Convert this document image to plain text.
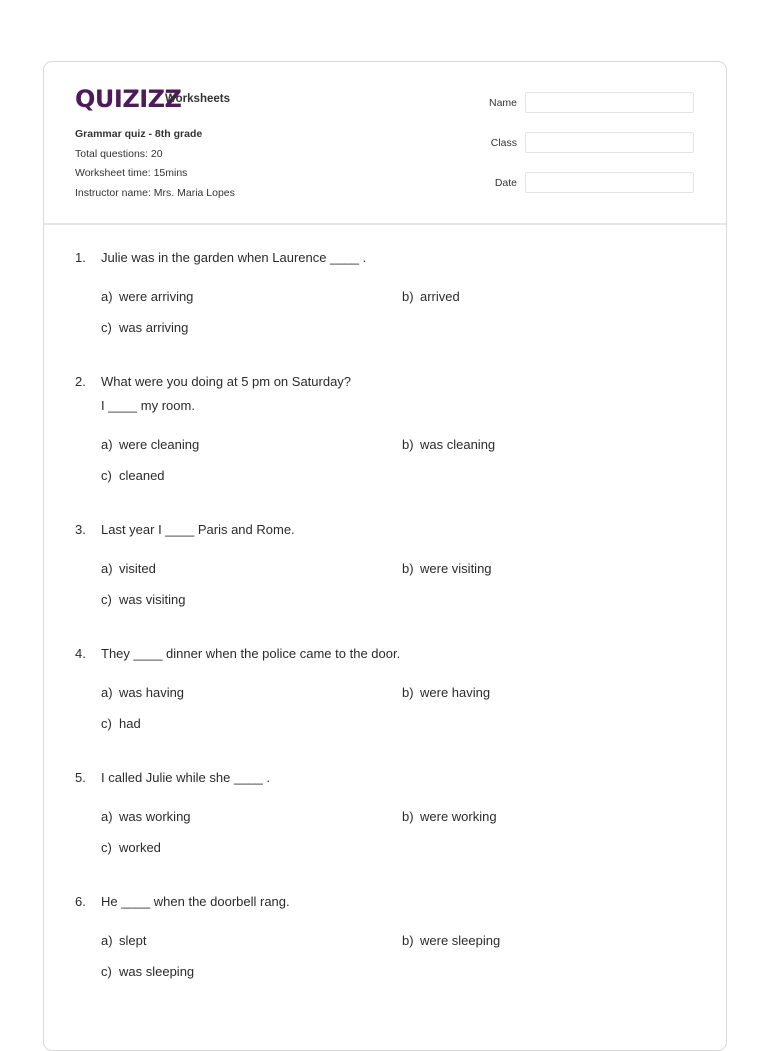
QUIZIZZ
Worksheets
Grammar quiz - 8th grade
Total questions: 20
Worksheet time: 15mins
Instructor name: Mrs. Maria Lopes
Name
Class
Date
1. Julie was in the garden when Laurence ____ .
a) were arriving	b) arrived
c) was arriving
2. What were you doing at 5 pm on Saturday?
I ____ my room.
a) were cleaning	b) was cleaning
c) cleaned
3. Last year I ____ Paris and Rome.
a) visited	b) were visiting
c) was visiting
4. They ____ dinner when the police came to the door.
a) was having	b) were having
c) had
5. I called Julie while she ____ .
a) was working	b) were working
c) worked
6. He ____ when the doorbell rang.
a) slept	b) were sleeping
c) was sleeping
